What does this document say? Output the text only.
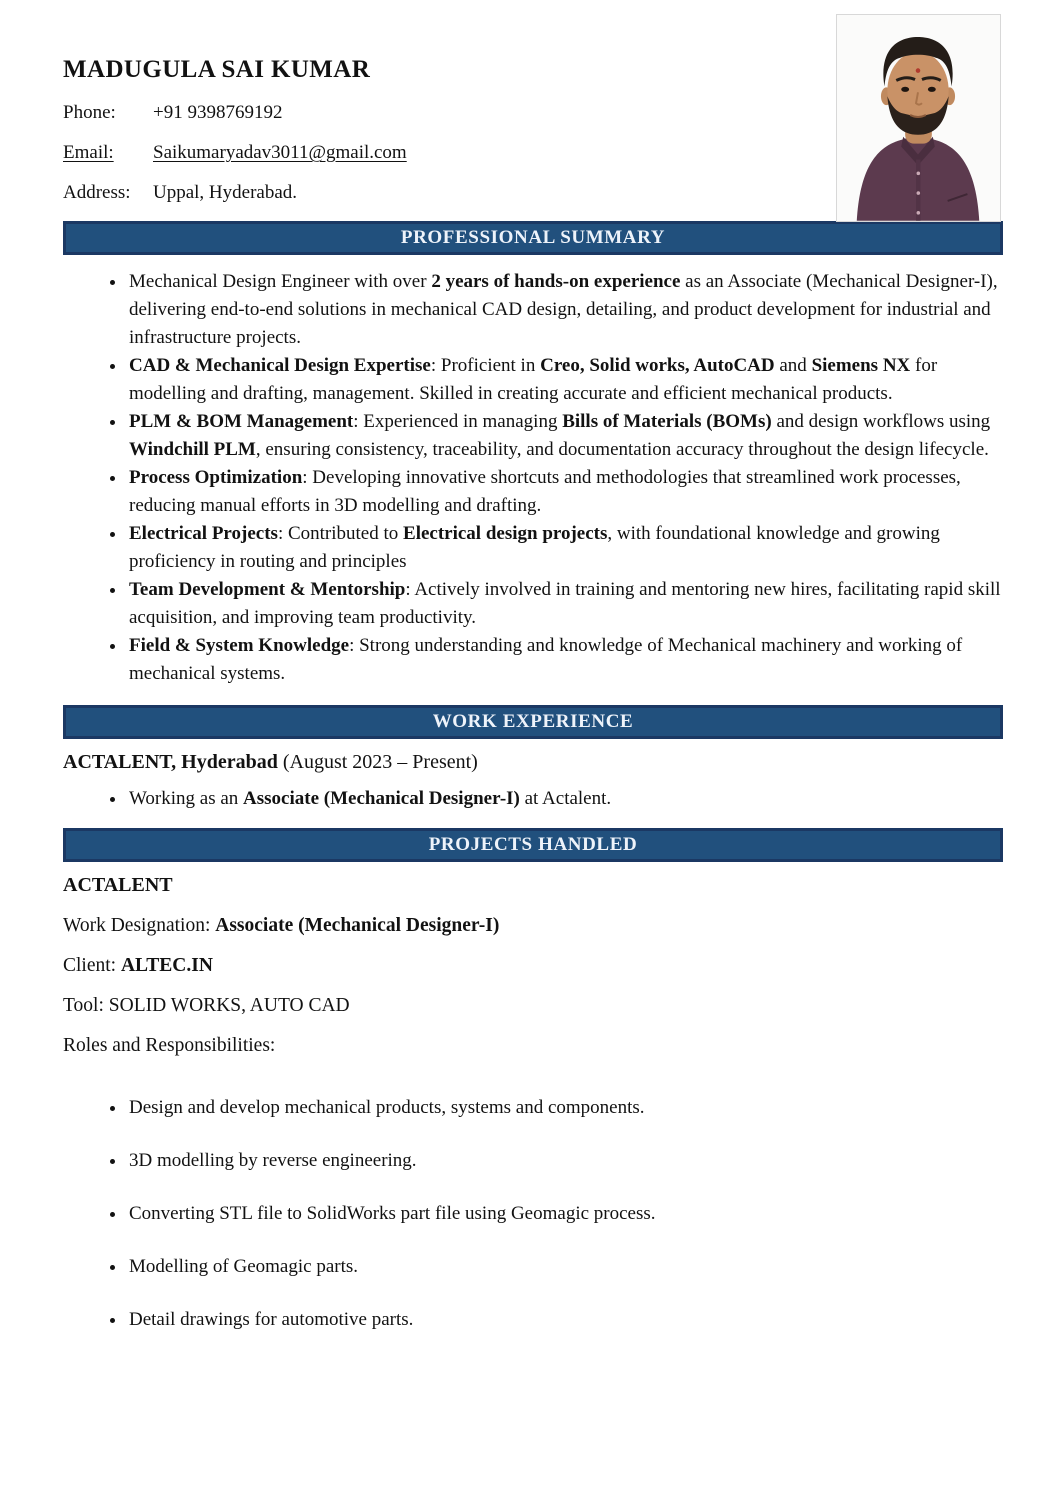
MADUGULA SAI KUMAR
Phone:	+91 9398769192
Email:	Saikumaryadav3011@gmail.com
Address:	Uppal, Hyderabad.
PROFESSIONAL SUMMARY
• Mechanical Design Engineer with over 2 years of hands-on experience as an Associate (Mechanical Designer-I), delivering end-to-end solutions in mechanical CAD design, detailing, and product development for industrial and infrastructure projects.
• CAD & Mechanical Design Expertise: Proficient in Creo, Solid works, AutoCAD and Siemens NX for modelling and drafting, management. Skilled in creating accurate and efficient mechanical products.
• PLM & BOM Management: Experienced in managing Bills of Materials (BOMs) and design workflows using Windchill PLM, ensuring consistency, traceability, and documentation accuracy throughout the design lifecycle.
• Process Optimization: Developing innovative shortcuts and methodologies that streamlined work processes, reducing manual efforts in 3D modelling and drafting.
• Electrical Projects: Contributed to Electrical design projects, with foundational knowledge and growing proficiency in routing and principles
• Team Development & Mentorship: Actively involved in training and mentoring new hires, facilitating rapid skill acquisition, and improving team productivity.
• Field & System Knowledge: Strong understanding and knowledge of Mechanical machinery and working of mechanical systems.
WORK EXPERIENCE

ACTALENT, Hyderabad (August 2023 – Present)

• Working as an Associate (Mechanical Designer-I) at Actalent.
PROJECTS HANDLED

ACTALENT

Work Designation: Associate (Mechanical Designer-I)

Client: ALTEC.IN

Tool: SOLID WORKS, AUTO CAD

Roles and Responsibilities:

• Design and develop mechanical products, systems and components.
• 3D modelling by reverse engineering.
• Converting STL file to SolidWorks part file using Geomagic process.
• Modelling of Geomagic parts.
• Detail drawings for automotive parts.
